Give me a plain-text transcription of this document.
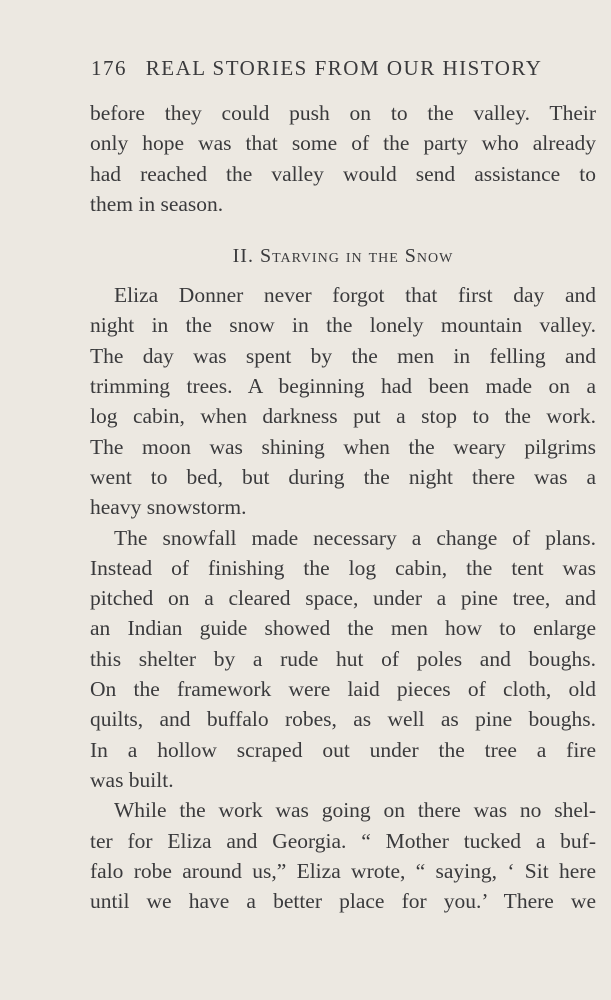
176 REAL STORIES FROM OUR HISTORY
before they could push on to the valley. Their
only hope was that some of the party who already
had reached the valley would send assistance to
them in season.
II. Starving in the Snow
Eliza Donner never forgot that first day and
night in the snow in the lonely mountain valley.
The day was spent by the men in felling and
trimming trees. A beginning had been made on a
log cabin, when darkness put a stop to the work.
The moon was shining when the weary pilgrims
went to bed, but during the night there was a
heavy snowstorm.
The snowfall made necessary a change of plans.
Instead of finishing the log cabin, the tent was
pitched on a cleared space, under a pine tree, and
an Indian guide showed the men how to enlarge
this shelter by a rude hut of poles and boughs.
On the framework were laid pieces of cloth, old
quilts, and buffalo robes, as well as pine boughs.
In a hollow scraped out under the tree a fire
was built.
While the work was going on there was no shel-
ter for Eliza and Georgia. “ Mother tucked a buf-
falo robe around us,” Eliza wrote, “ saying, ‘ Sit here
until we have a better place for you.’ There we
